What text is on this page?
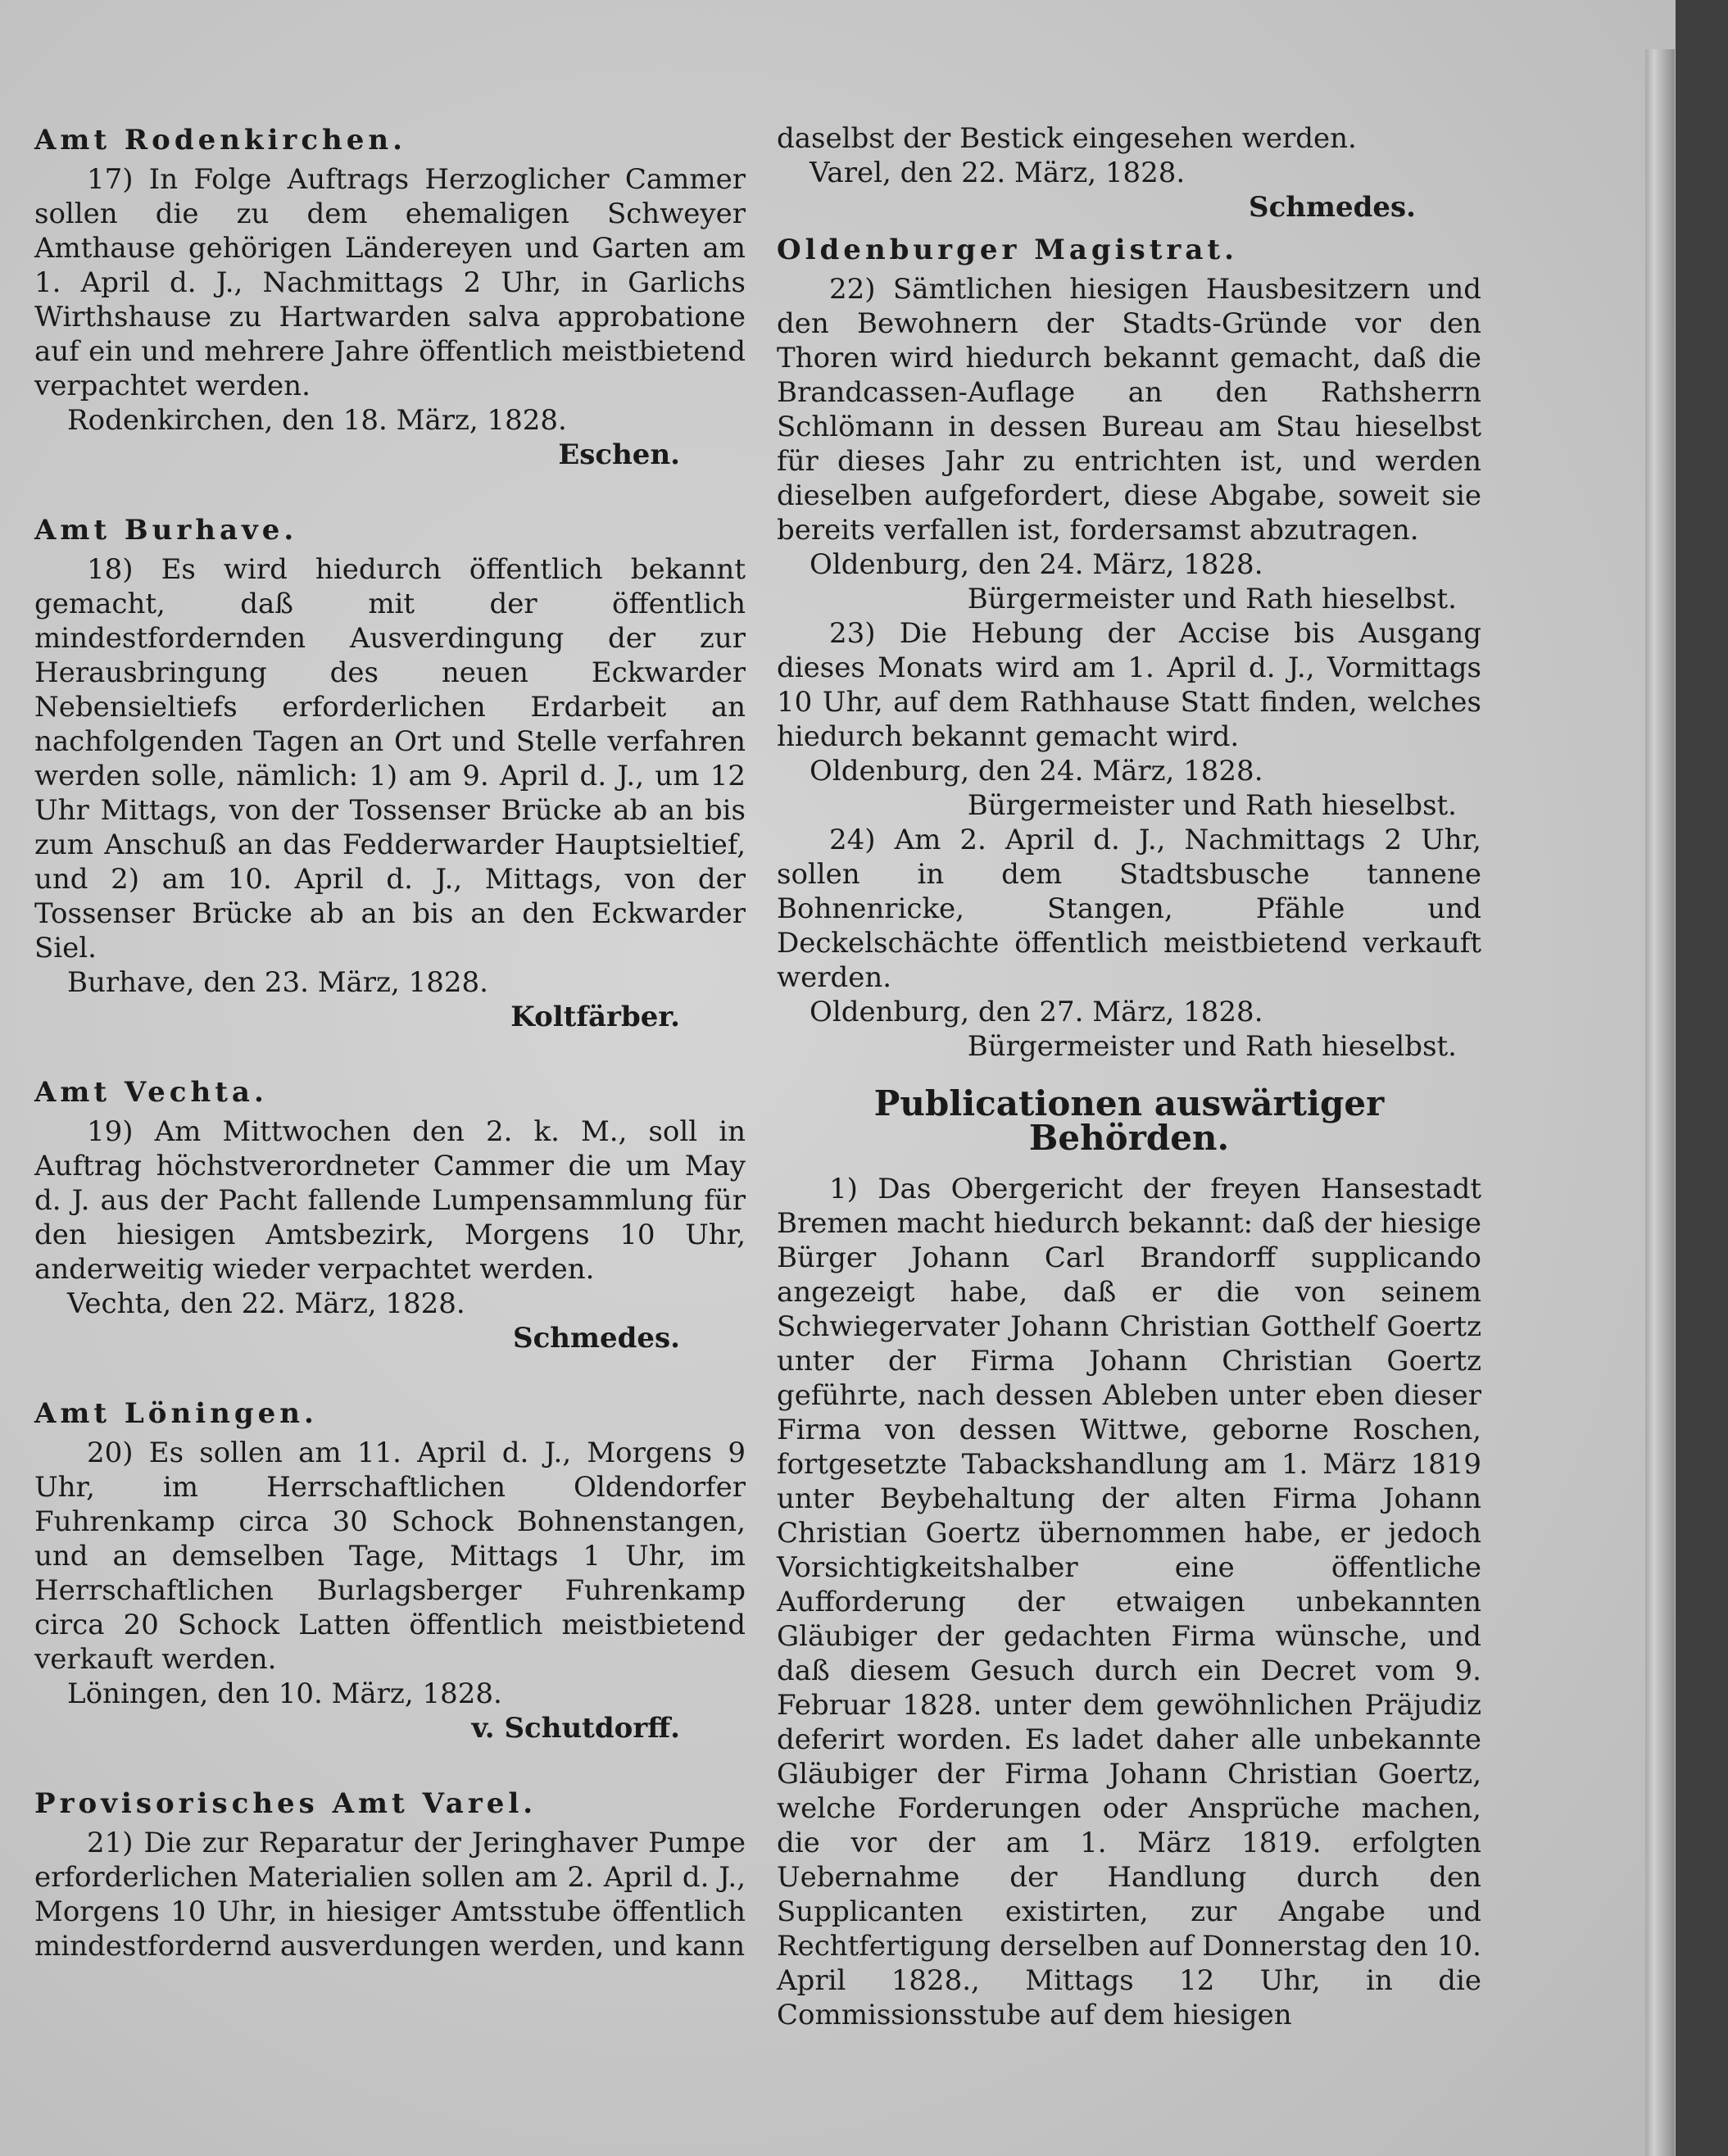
Amt Rodenkirchen.

17) In Folge Auftrags Herzoglicher Cammer sollen die zu dem ehemaligen Schweyer Amthause gehörigen Ländereyen und Garten am 1. April d. J., Nachmittags 2 Uhr, in Garlichs Wirthshause zu Hartwarden salva approbatione auf ein und mehrere Jahre öffentlich meistbietend verpachtet werden.

Rodenkirchen, den 18. März, 1828.

Eschen.

Amt Burhave.

18) Es wird hiedurch öffentlich bekannt gemacht, daß mit der öffentlich mindestfordernden Ausverdingung der zur Herausbringung des neuen Eckwarder Nebensieltiefs erforderlichen Erdarbeit an nachfolgenden Tagen an Ort und Stelle verfahren werden solle, nämlich: 1) am 9. April d. J., um 12 Uhr Mittags, von der Tossenser Brücke ab an bis zum Anschuß an das Fedderwarder Hauptsieltief, und 2) am 10. April d. J., Mittags, von der Tossenser Brücke ab an bis an den Eckwarder Siel.

Burhave, den 23. März, 1828.

Koltfärber.

Amt Vechta.

19) Am Mittwochen den 2. k. M., soll in Auftrag höchstverordneter Cammer die um May d. J. aus der Pacht fallende Lumpensammlung für den hiesigen Amtsbezirk, Morgens 10 Uhr, anderweitig wieder verpachtet werden.

Vechta, den 22. März, 1828.

Schmedes.

Amt Löningen.

20) Es sollen am 11. April d. J., Morgens 9 Uhr, im Herrschaftlichen Oldendorfer Fuhrenkamp circa 30 Schock Bohnenstangen, und an demselben Tage, Mittags 1 Uhr, im Herrschaftlichen Burlagsberger Fuhrenkamp circa 20 Schock Latten öffentlich meistbietend verkauft werden.

Löningen, den 10. März, 1828.

v. Schutdorff.

Provisorisches Amt Varel.

21) Die zur Reparatur der Jeringhaver Pumpe erforderlichen Materialien sollen am 2. April d. J., Morgens 10 Uhr, in hiesiger Amtsstube öffentlich mindestfordernd ausverdungen werden, und kann

daselbst der Bestick eingesehen werden.

Varel, den 22. März, 1828.

Schmedes.

Oldenburger Magistrat.

22) Sämtlichen hiesigen Hausbesitzern und den Bewohnern der Stadts-Gründe vor den Thoren wird hiedurch bekannt gemacht, daß die Brandcassen-Auflage an den Rathsherrn Schlömann in dessen Bureau am Stau hieselbst für dieses Jahr zu entrichten ist, und werden dieselben aufgefordert, diese Abgabe, soweit sie bereits verfallen ist, fordersamst abzutragen.

Oldenburg, den 24. März, 1828.

Bürgermeister und Rath hieselbst.

23) Die Hebung der Accise bis Ausgang dieses Monats wird am 1. April d. J., Vormittags 10 Uhr, auf dem Rathhause Statt finden, welches hiedurch bekannt gemacht wird.

Oldenburg, den 24. März, 1828.

Bürgermeister und Rath hieselbst.

24) Am 2. April d. J., Nachmittags 2 Uhr, sollen in dem Stadtsbusche tannene Bohnenricke, Stangen, Pfähle und Deckelschächte öffentlich meistbietend verkauft werden.

Oldenburg, den 27. März, 1828.

Bürgermeister und Rath hieselbst.

Publicationen auswärtiger Behörden.

1) Das Obergericht der freyen Hansestadt Bremen macht hiedurch bekannt: daß der hiesige Bürger Johann Carl Brandorff supplicando angezeigt habe, daß er die von seinem Schwiegervater Johann Christian Gotthelf Goertz unter der Firma Johann Christian Goertz geführte, nach dessen Ableben unter eben dieser Firma von dessen Wittwe, geborne Roschen, fortgesetzte Tabackshandlung am 1. März 1819 unter Beybehaltung der alten Firma Johann Christian Goertz übernommen habe, er jedoch Vorsichtigkeitshalber eine öffentliche Aufforderung der etwaigen unbekannten Gläubiger der gedachten Firma wünsche, und daß diesem Gesuch durch ein Decret vom 9. Februar 1828. unter dem gewöhnlichen Präjudiz deferirt worden. Es ladet daher alle unbekannte Gläubiger der Firma Johann Christian Goertz, welche Forderungen oder Ansprüche machen, die vor der am 1. März 1819. erfolgten Uebernahme der Handlung durch den Supplicanten existirten, zur Angabe und Rechtfertigung derselben auf Donnerstag den 10. April 1828., Mittags 12 Uhr, in die Commissionsstube auf dem hiesigen
